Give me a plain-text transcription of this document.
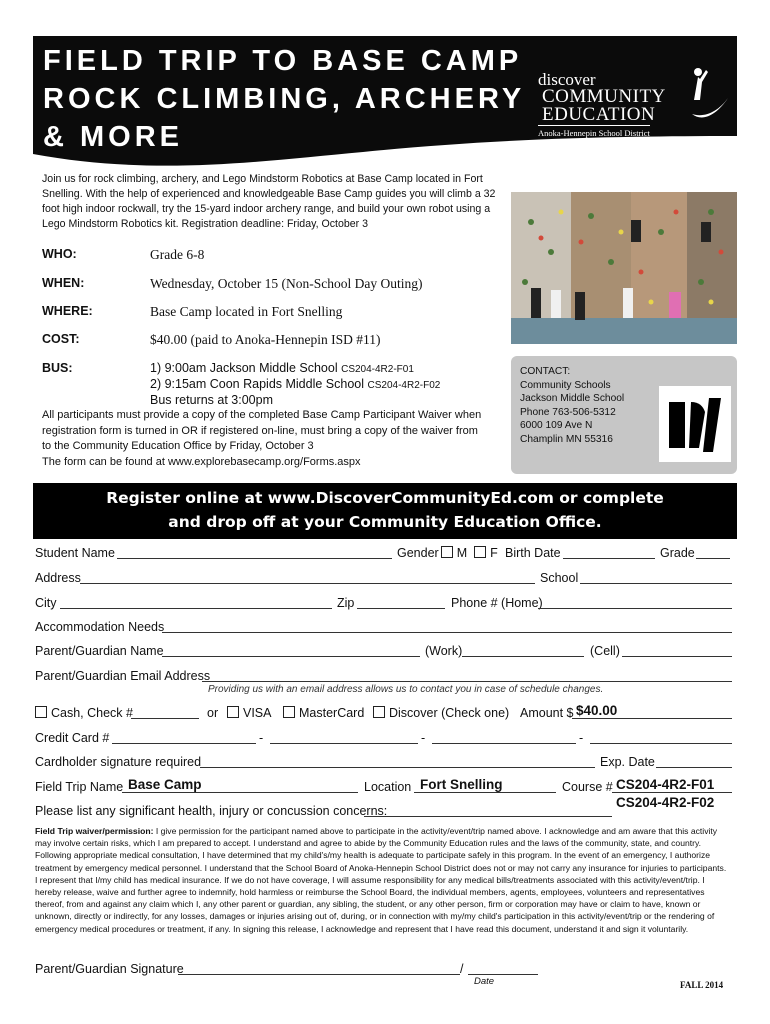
FIELD TRIP TO BASE CAMP
ROCK CLIMBING, ARCHERY
& MORE
discover
COMMUNITY
EDUCATION
Anoka-Hennepin School District

Join us for rock climbing, archery, and Lego Mindstorm Robotics at Base Camp located in Fort Snelling. With the help of experienced and knowledgeable Base Camp guides you will climb a 32 foot high indoor rockwall, try the 15-yard indoor archery range, and build your own robot using a Lego Mindstorm Robotics kit. Registration deadline: Friday, October 3

WHO:	Grade 6-8
WHEN:	Wednesday, October 15 (Non-School Day Outing)
WHERE:	Base Camp located in Fort Snelling
COST:	$40.00 (paid to Anoka-Hennepin ISD #11)
BUS:	1) 9:00am Jackson Middle School CS204-4R2-F01
2) 9:15am Coon Rapids Middle School CS204-4R2-F02
Bus returns at 3:00pm

All participants must provide a copy of the completed Base Camp Participant Waiver when registration form is turned in OR if registered on-line, must bring a copy of the waiver from to the Community Education Office by Friday, October 3
The form can be found at www.explorebasecamp.org/Forms.aspx

CONTACT:
Community Schools
Jackson Middle School
Phone 763-506-5312
6000 109 Ave N
Champlin MN 55316
Register online at www.DiscoverCommunityEd.com or complete
and drop off at your Community Education Office.
Student Name	Gender M F Birth Date	Grade
Address	School
City	Zip	Phone # (Home)
Accommodation Needs
Parent/Guardian Name	(Work)	(Cell)
Parent/Guardian Email Address
Providing us with an email address allows us to contact you in case of schedule changes.
Cash, Check #	or	VISA	MasterCard	Discover (Check one) Amount $ $40.00
Credit Card #	-	-	-
Cardholder signature required	Exp. Date
Field Trip Name Base Camp	Location Fort Snelling	Course # CS204-4R2-F01
CS204-4R2-F02
Please list any significant health, injury or concussion concerns:

Field Trip waiver/permission: I give permission for the participant named above to participate in the activity/event/trip named above. I acknowledge and am aware that this activity may involve certain risks, which I am prepared to accept. I understand and agree to abide by the Community Education rules and the laws of the community, state, and country. Following appropriate medical consultation, I have determined that my child's/my health is adequate to participate safely in this program. In the event of an emergency, I authorize treatment by emergency medical personnel. I understand that the School Board of Anoka-Hennepin School District does not or may not carry any insurance for injuries to participants. I represent that I/my child has medical insurance. If we do not have coverage, I will assume responsibility for any medical bills/treatments associated with this activity/event/trip. I hereby release, waive and further agree to indemnify, hold harmless or reimburse the School Board, the individual members, agents, employees, volunteers and representatives thereof, from and against any claim which I, any other parent or guardian, any sibling, the student, or any other person, firm or corporation may have or claim to have, known or unknown, directly or indirectly, for any losses, damages or injuries arising out of, during, or in connection with my/my child's participation in this activity/event/trip or the rendering of emergency medical procedures or treatment, if any. In signing this release, I acknowledge and represent that I have read this document, understand it and sign it voluntarily.

Parent/Guardian Signature	/
Date	FALL 2014
